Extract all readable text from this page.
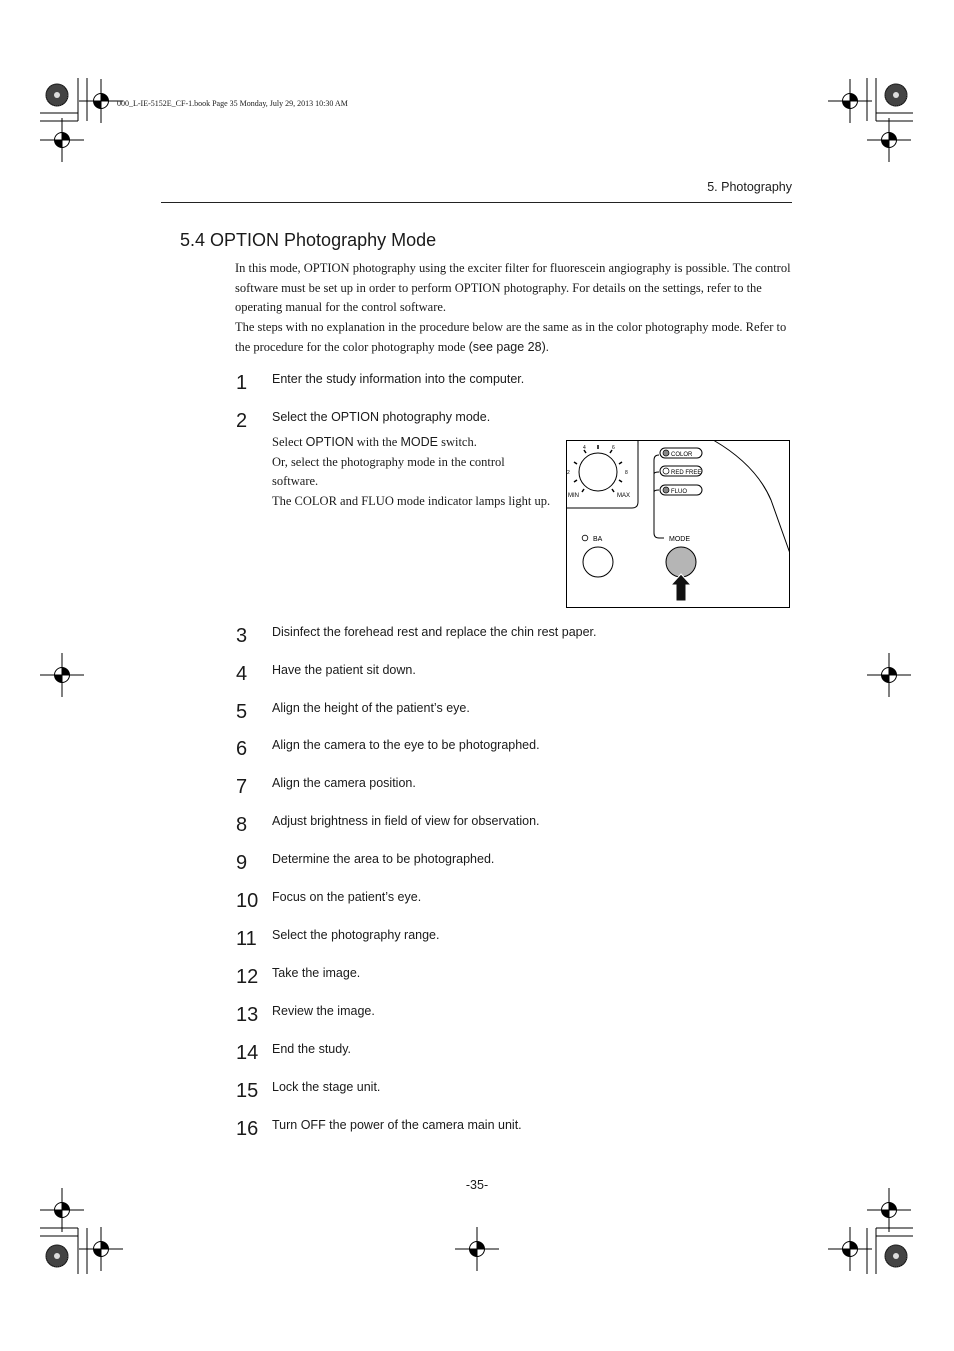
000_L-IE-5152E_CF-1.book Page 35 Monday, July 29, 2013 10:30 AM
5. Photography
5.4 OPTION Photography Mode
In this mode, OPTION photography using the exciter filter for fluorescein angiography is possible. The control software must be set up in order to perform OPTION photography. For details on the settings, refer to the operating manual for the control software.
The steps with no explanation in the procedure below are the same as in the color photography mode. Refer to the procedure for the color photography mode (see page 28).
1 Enter the study information into the computer.
2 Select the OPTION photography mode.
Select OPTION with the MODE switch.
Or, select the photography mode in the control software.
The COLOR and FLUO mode indicator lamps light up.
4	6
2	8
MIN	MAX
COLOR
RED FREE
FLUO
BA	MODE
3 Disinfect the forehead rest and replace the chin rest paper.
4 Have the patient sit down.
5 Align the height of the patient’s eye.
6 Align the camera to the eye to be photographed.
7 Align the camera position.
8 Adjust brightness in field of view for observation.
9 Determine the area to be photographed.
10 Focus on the patient’s eye.
11 Select the photography range.
12 Take the image.
13 Review the image.
14 End the study.
15 Lock the stage unit.
16 Turn OFF the power of the camera main unit.
-35-
